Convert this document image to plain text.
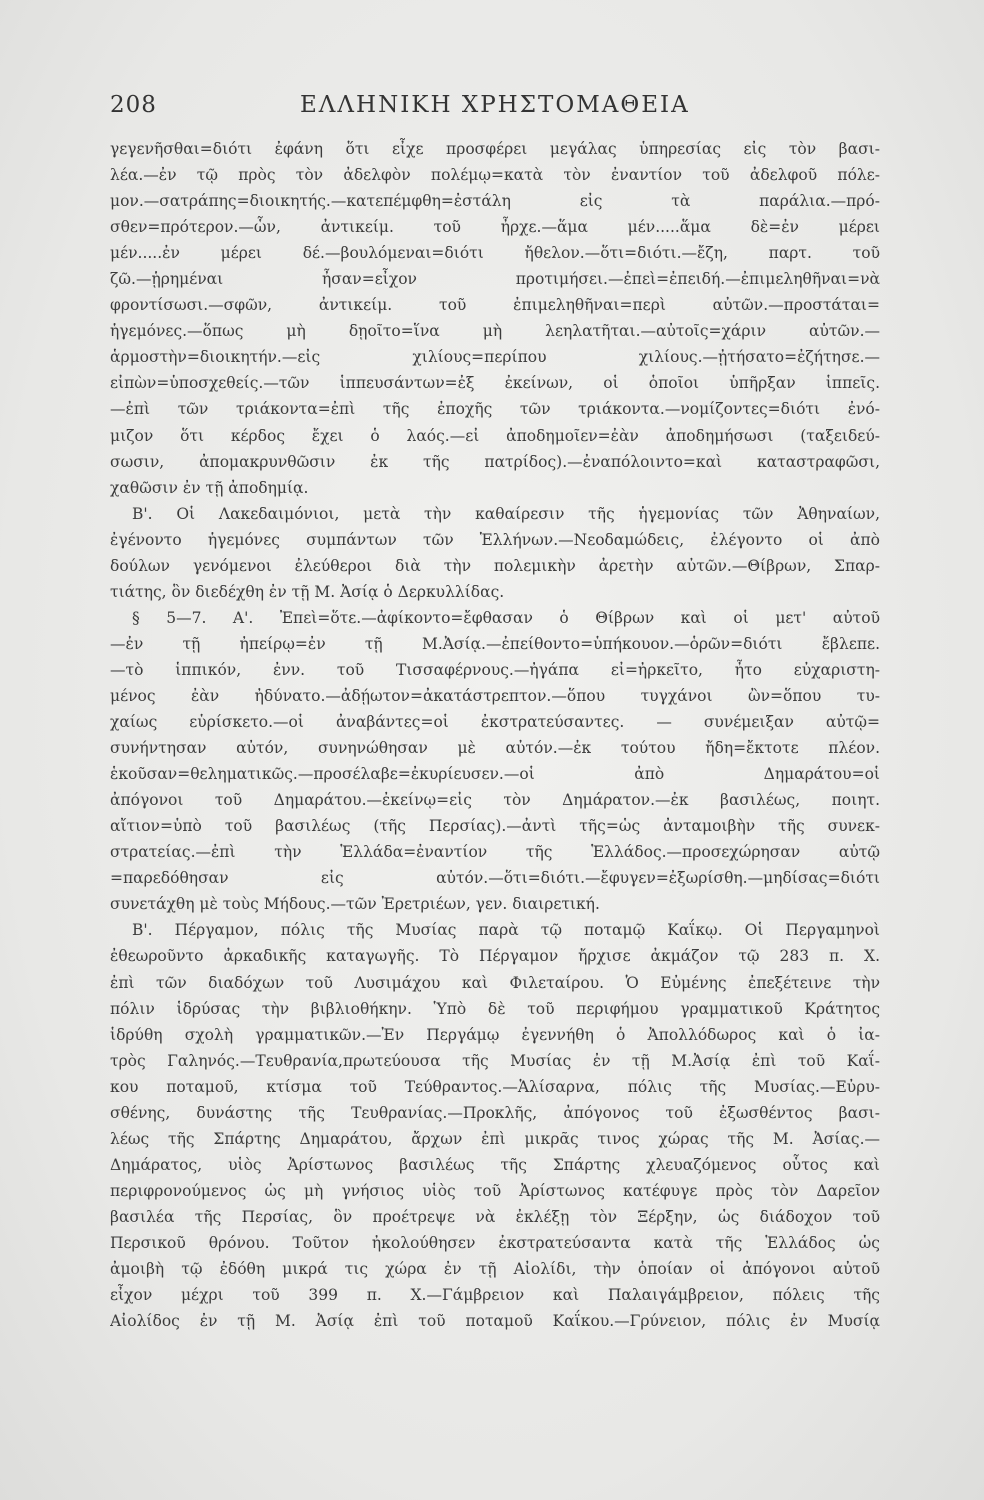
208	ΕΛΛΗΝΙΚΗ ΧΡΗΣΤΟΜΑΘΕΙΑ
γεγενῆσθαι=διότι ἐφάνη ὅτι εἶχε προσφέρει μεγάλας ὑπηρεσίας εἰς τὸν βασι-
λέα.—ἐν τῷ πρὸς τὸν ἀδελφὸν πολέμῳ=κατὰ τὸν ἐναντίον τοῦ ἀδελφοῦ πόλε-
μον.—σατράπης=διοικητής.—κατεπέμφθη=ἐστάλη εἰς τὰ παράλια.—πρό-
σθεν=πρότερον.—ὧν, ἀντικείμ. τοῦ ἦρχε.—ἅμα μέν.....ἅμα δὲ=ἐν μέρει
μέν.....ἐν μέρει δέ.—βουλόμεναι=διότι ἤθελον.—ὅτι=διότι.—ἔζη, παρτ. τοῦ
ζῶ.—ᾑρημέναι ἦσαν=εἶχον προτιμήσει.—ἐπεὶ=ἐπειδή.—ἐπιμεληθῆναι=νὰ
φροντίσωσι.—σφῶν, ἀντικείμ. τοῦ ἐπιμεληθῆναι=περὶ αὐτῶν.—προστάται=
ἡγεμόνες.—ὅπως μὴ δῃοῖτο=ἵνα μὴ λεηλατῆται.—αὐτοῖς=χάριν αὐτῶν.—
ἁρμοστὴν=διοικητήν.—εἰς χιλίους=περίπου χιλίους.—ᾐτήσατο=ἐζήτησε.—
εἰπὼν=ὑποσχεθείς.—τῶν ἱππευσάντων=ἐξ ἐκείνων, οἱ ὁποῖοι ὑπῆρξαν ἱππεῖς.
—ἐπὶ τῶν τριάκοντα=ἐπὶ τῆς ἐποχῆς τῶν τριάκοντα.—νομίζοντες=διότι ἐνό-
μιζον ὅτι κέρδος ἔχει ὁ λαός.—εἰ ἀποδημοῖεν=ἐὰν ἀποδημήσωσι (ταξειδεύ-
σωσιν, ἀπομακρυνθῶσιν ἐκ τῆς πατρίδος).—ἐναπόλοιντο=καὶ καταστραφῶσι,
χαθῶσιν ἐν τῇ ἀποδημίᾳ.
Β'. Οἱ Λακεδαιμόνιοι, μετὰ τὴν καθαίρεσιν τῆς ἡγεμονίας τῶν Ἀθηναίων,
ἐγένοντο ἡγεμόνες συμπάντων τῶν Ἑλλήνων.—Νεοδαμώδεις, ἐλέγοντο οἱ ἀπὸ
δούλων γενόμενοι ἐλεύθεροι διὰ τὴν πολεμικὴν ἀρετὴν αὐτῶν.—Θίβρων, Σπαρ-
τιάτης, ὃν διεδέχθη ἐν τῇ Μ. Ἀσίᾳ ὁ Δερκυλλίδας.
§ 5—7. Α'. Ἐπεὶ=ὅτε.—ἀφίκοντο=ἔφθασαν ὁ Θίβρων καὶ οἱ μετ' αὐτοῦ
—ἐν τῇ ἠπείρῳ=ἐν τῇ Μ.Ἀσίᾳ.—ἐπείθοντο=ὑπήκουον.—ὁρῶν=διότι ἔβλεπε.
—τὸ ἱππικόν, ἐνν. τοῦ Τισσαφέρνους.—ἠγάπα εἰ=ἠρκεῖτο, ἦτο εὐχαριστη-
μένος ἐὰν ἠδύνατο.—ἀδῄωτον=ἀκατάστρεπτον.—ὅπου τυγχάνοι ὢν=ὅπου τυ-
χαίως εὑρίσκετο.—οἱ ἀναβάντες=οἱ ἐκστρατεύσαντες. — συνέμειξαν αὐτῷ=
συνήντησαν αὐτόν, συνηνώθησαν μὲ αὐτόν.—ἐκ τούτου ἤδη=ἔκτοτε πλέον.
ἑκοῦσαν=θεληματικῶς.—προσέλαβε=ἐκυρίευσεν.—οἱ ἀπὸ Δημαράτου=οἱ
ἀπόγονοι τοῦ Δημαράτου.—ἐκείνῳ=εἰς τὸν Δημάρατον.—ἐκ βασιλέως, ποιητ.
αἴτιον=ὑπὸ τοῦ βασιλέως (τῆς Περσίας).—ἀντὶ τῆς=ὡς ἀνταμοιβὴν τῆς συνεκ-
στρατείας.—ἐπὶ τὴν Ἑλλάδα=ἐναντίον τῆς Ἑλλάδος.—προσεχώρησαν αὐτῷ
=παρεδόθησαν εἰς αὐτόν.—ὅτι=διότι.—ἔφυγεν=ἐξωρίσθη.—μηδίσας=διότι
συνετάχθη μὲ τοὺς Μήδους.—τῶν Ἐρετριέων, γεν. διαιρετική.
Β'. Πέργαμον, πόλις τῆς Μυσίας παρὰ τῷ ποταμῷ Καΐκῳ. Οἱ Περγαμηνοὶ
ἐθεωροῦντο ἀρκαδικῆς καταγωγῆς. Τὸ Πέργαμον ἤρχισε ἀκμάζον τῷ 283 π. Χ.
ἐπὶ τῶν διαδόχων τοῦ Λυσιμάχου καὶ Φιλεταίρου. Ὁ Εὐμένης ἐπεξέτεινε τὴν
πόλιν ἱδρύσας τὴν βιβλιοθήκην. Ὑπὸ δὲ τοῦ περιφήμου γραμματικοῦ Κράτητος
ἱδρύθη σχολὴ γραμματικῶν.—Ἐν Περγάμῳ ἐγεννήθη ὁ Ἀπολλόδωρος καὶ ὁ ἰα-
τρὸς Γαληνός.—Τευθρανία,πρωτεύουσα τῆς Μυσίας ἐν τῇ Μ.Ἀσίᾳ ἐπὶ τοῦ Καΐ-
κου ποταμοῦ, κτίσμα τοῦ Τεύθραντος.—Ἁλίσαρνα, πόλις τῆς Μυσίας.—Εὐρυ-
σθένης, δυνάστης τῆς Τευθρανίας.—Προκλῆς, ἀπόγονος τοῦ ἐξωσθέντος βασι-
λέως τῆς Σπάρτης Δημαράτου, ἄρχων ἐπὶ μικρᾶς τινος χώρας τῆς Μ. Ἀσίας.—
Δημάρατος, υἱὸς Ἀρίστωνος βασιλέως τῆς Σπάρτης χλευαζόμενος οὗτος καὶ
περιφρονούμενος ὡς μὴ γνήσιος υἱὸς τοῦ Ἀρίστωνος κατέφυγε πρὸς τὸν Δαρεῖον
βασιλέα τῆς Περσίας, ὃν προέτρεψε νὰ ἐκλέξῃ τὸν Ξέρξην, ὡς διάδοχον τοῦ
Περσικοῦ θρόνου. Τοῦτον ἠκολούθησεν ἐκστρατεύσαντα κατὰ τῆς Ἑλλάδος ὡς
ἀμοιβὴ τῷ ἐδόθη μικρά τις χώρα ἐν τῇ Αἰολίδι, τὴν ὁποίαν οἱ ἀπόγονοι αὐτοῦ
εἶχον μέχρι τοῦ 399 π. Χ.—Γάμβρειον καὶ Παλαιγάμβρειον, πόλεις τῆς
Αἰολίδος ἐν τῇ Μ. Ἀσίᾳ ἐπὶ τοῦ ποταμοῦ Καΐκου.—Γρύνειον, πόλις ἐν Μυσίᾳ
